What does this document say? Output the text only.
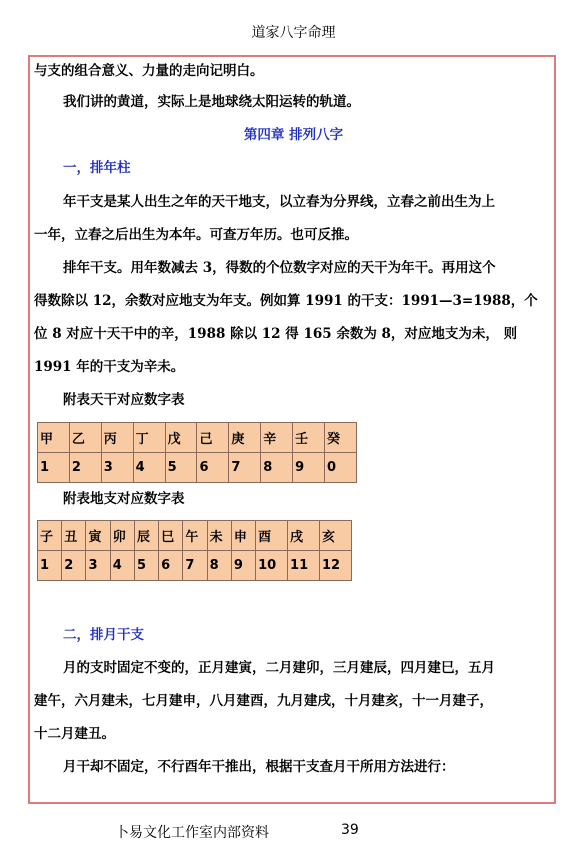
道家八字命理
与支的组合意义、力量的走向记明白。
我们讲的黄道，实际上是地球绕太阳运转的轨道。
第四章 排列八字
一，排年柱
年干支是某人出生之年的天干地支，以立春为分界线，立春之前出生为上
一年，立春之后出生为本年。可查万年历。也可反推。
排年干支。用年数减去 3，得数的个位数字对应的天干为年干。再用这个
得数除以 12，余数对应地支为年支。例如算 1991 的干支：1991—3=1988，个
位 8 对应十天干中的辛，1988 除以 12 得 165 余数为 8，对应地支为未， 则
1991 年的干支为辛未。
附表天干对应数字表
甲	乙	丙	丁	戊	己	庚	辛	壬	癸
1	2	3	4	5	6	7	8	9	0
附表地支对应数字表
子	丑	寅	卯	辰	巳	午	未	申	酉	戌	亥
1	2	3	4	5	6	7	8	9	10	11	12
二，排月干支
月的支时固定不变的，正月建寅，二月建卯，三月建辰，四月建巳，五月
建午，六月建未，七月建申，八月建酉，九月建戌，十月建亥，十一月建子，
十二月建丑。
月干却不固定，不行酉年干推出，根据干支查月干所用方法进行：
卜易文化工作室内部资料	39
